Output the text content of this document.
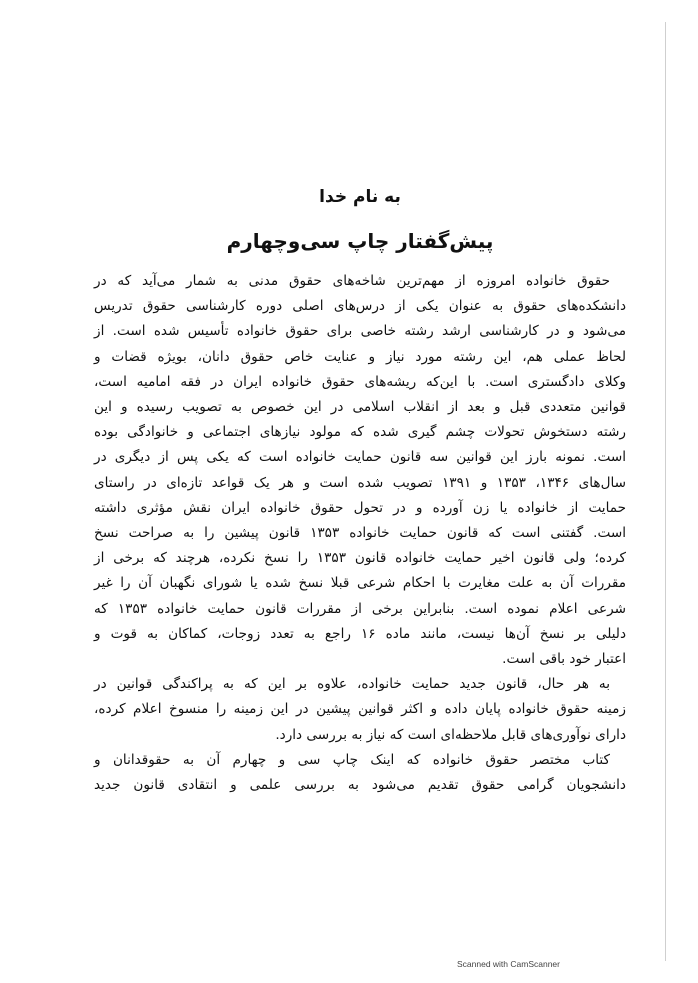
به نام خدا
پیش‌گفتار چاپ سی‌وچهارم

حقوق خانواده امروزه از مهم‌ترین شاخه‌های حقوق مدنی به شمار می‌آید که در

دانشکده‌های حقوق به عنوان یکی از درس‌های اصلی دوره کارشناسی حقوق تدریس

می‌شود و در کارشناسی ارشد رشته خاصی برای حقوق خانواده تأسیس شده است. از

لحاظ عملی هم، این رشته مورد نیاز و عنایت خاص حقوق دانان، بویژه قضات و

وکلای دادگستری است. با این‌که ریشه‌های حقوق خانواده ایران در فقه امامیه است،

قوانین متعددی قبل و بعد از انقلاب اسلامی در این خصوص به تصویب رسیده و این

رشته دستخوش تحولات چشم گیری شده که مولود نیازهای اجتماعی و خانوادگی بوده

است. نمونه بارز این قوانین سه قانون حمایت خانواده است که یکی پس از دیگری در

سال‌های ۱۳۴۶، ۱۳۵۳ و ۱۳۹۱ تصویب شده است و هر یک قواعد تازه‌ای در راستای

حمایت از خانواده یا زن آورده و در تحول حقوق خانواده ایران نقش مؤثری داشته

است. گفتنی است که قانون حمایت خانواده ۱۳۵۳ قانون پیشین را به صراحت نسخ

کرده؛ ولی قانون اخیر حمایت خانواده قانون ۱۳۵۳ را نسخ نکرده، هرچند که برخی از

مقررات آن به علت مغایرت با احکام شرعی قبلا نسخ شده یا شورای نگهبان آن را غیر

شرعی اعلام نموده است. بنابراین برخی از مقررات قانون حمایت خانواده ۱۳۵۳ که

دلیلی بر نسخ آن‌ها نیست، مانند ماده ۱۶ راجع به تعدد زوجات، کماکان به قوت و

اعتبار خود باقی است.

به هر حال، قانون جدید حمایت خانواده، علاوه بر این که به پراکندگی قوانین در

زمینه حقوق خانواده پایان داده و اکثر قوانین پیشین در این زمینه را منسوخ اعلام کرده،

دارای نوآوری‌های قابل ملاحظه‌ای است که نیاز به بررسی دارد.

کتاب مختصر حقوق خانواده که اینک چاپ سی و چهارم آن به حقوقدانان و

دانشجویان گرامی حقوق تقدیم می‌شود به بررسی علمی و انتقادی قانون جدید

Scanned with CamScanner
